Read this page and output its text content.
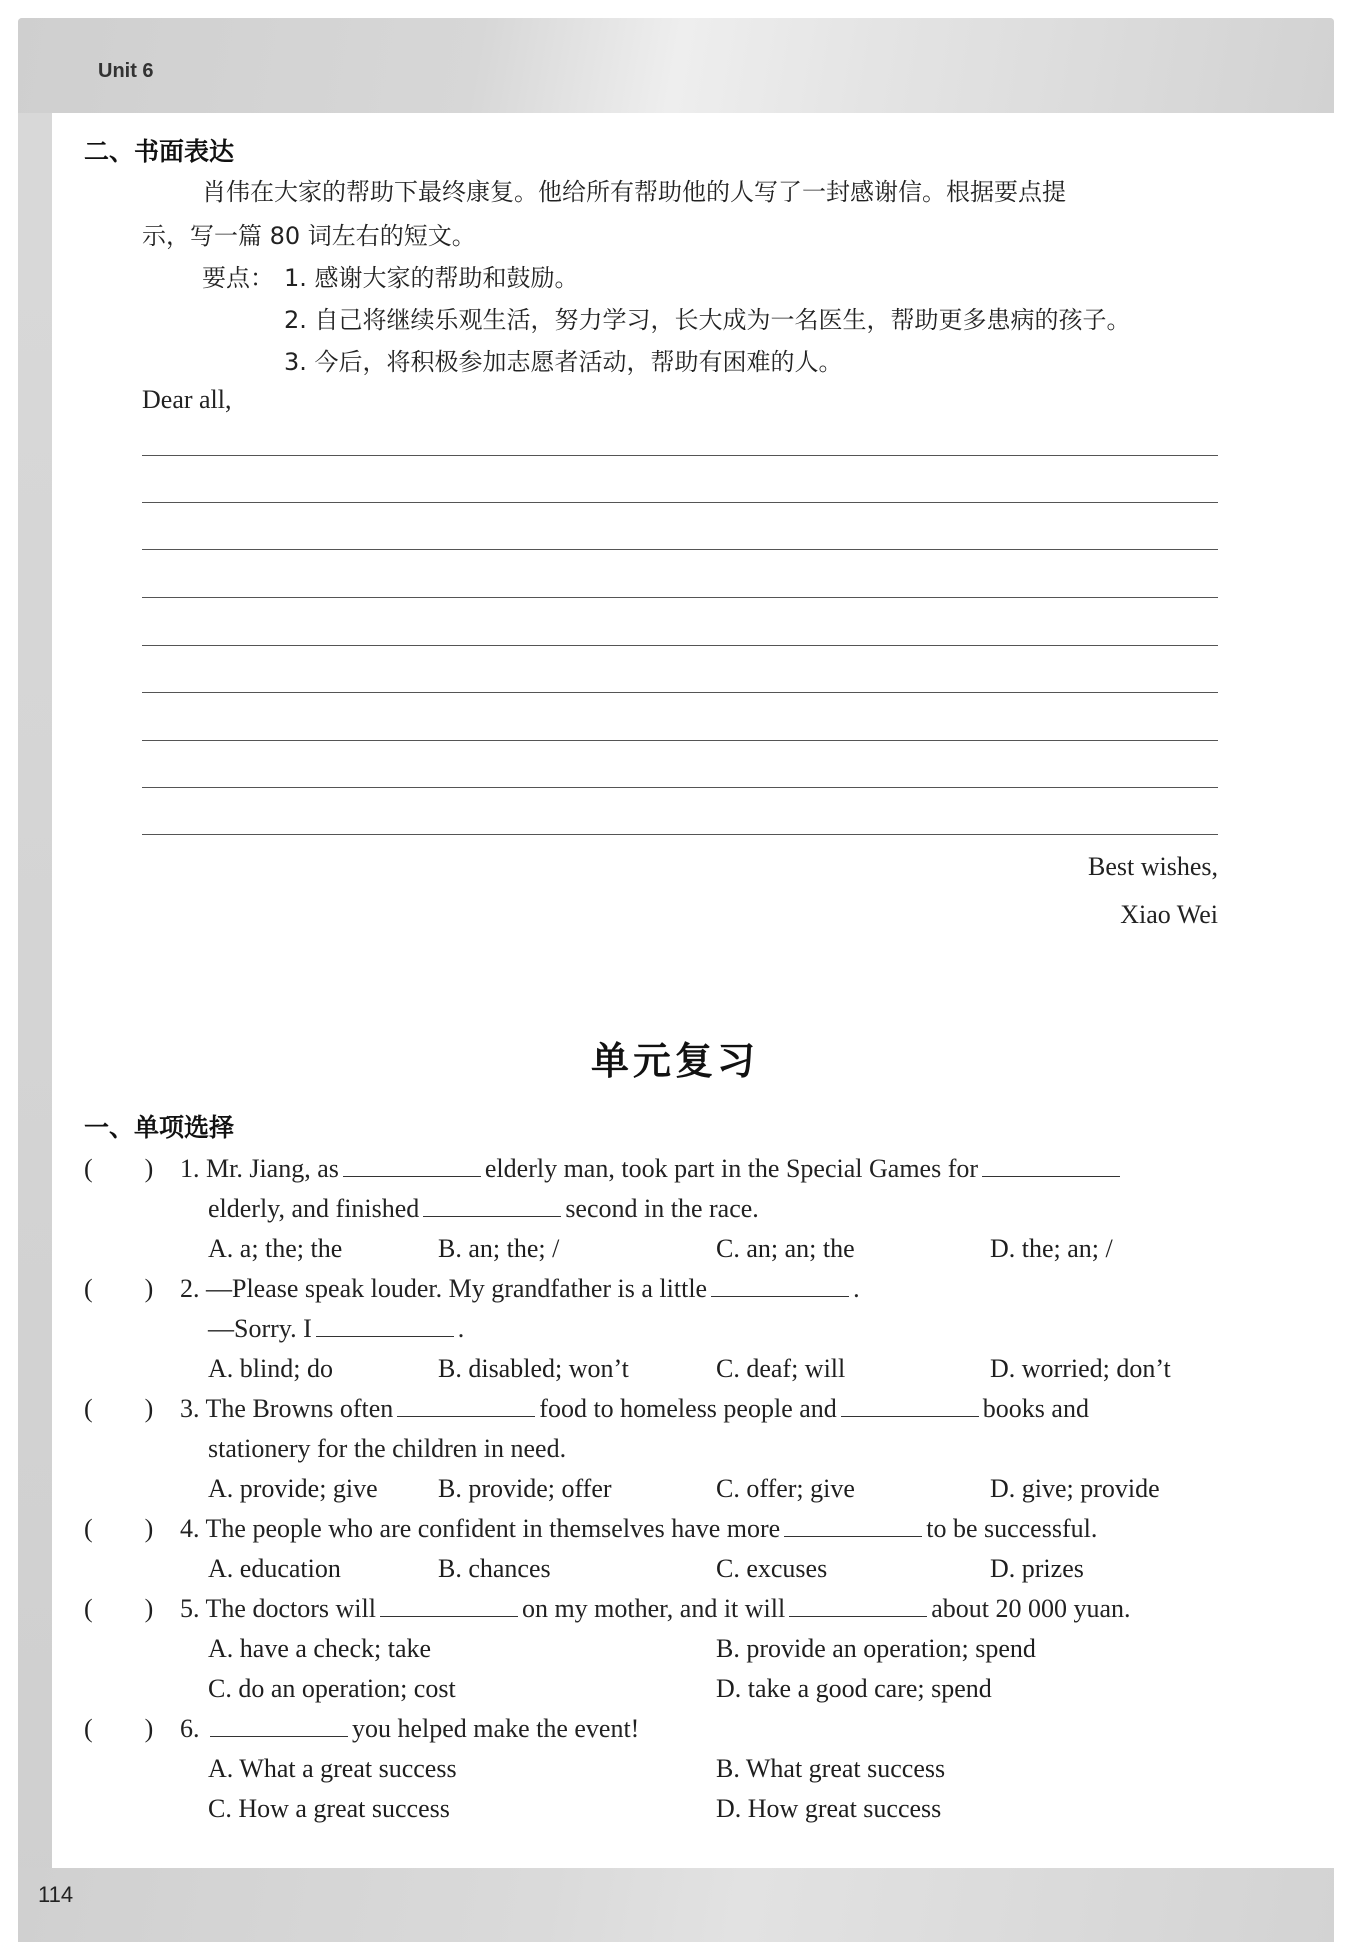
Unit 6
114
二、书面表达
肖伟在大家的帮助下最终康复。他给所有帮助他的人写了一封感谢信。根据要点提
示，写一篇 80 词左右的短文。
要点： 1. 感谢大家的帮助和鼓励。
2. 自己将继续乐观生活，努力学习，长大成为一名医生，帮助更多患病的孩子。
3. 今后，将积极参加志愿者活动，帮助有困难的人。
Dear all,
Best wishes,
Xiao Wei
单元复习
一、单项选择
(        ) 1. Mr. Jiang, as	elderly man, took part in the Special Games for
elderly, and finished	second in the race.
A. a; the; the	B. an; the; /	C. an; an; the	D. the; an; /
(        ) 2. —Please speak louder. My grandfather is a little	.
—Sorry. I	.
A. blind; do	B. disabled; won’t	C. deaf; will	D. worried; don’t
(        ) 3. The Browns often	food to homeless people and	books and
stationery for the children in need.
A. provide; give B. provide; offer	C. offer; give	D. give; provide
(        ) 4. The people who are confident in themselves have more	to be successful.
A. education	B. chances	C. excuses	D. prizes
(        ) 5. The doctors will	on my mother, and it will	about 20 000 yuan.
A. have a check; take	B. provide an operation; spend
C. do an operation; cost	D. take a good care; spend
(        ) 6.	you helped make the event!
A. What a great success	B. What great success
C. How a great success	D. How great success
